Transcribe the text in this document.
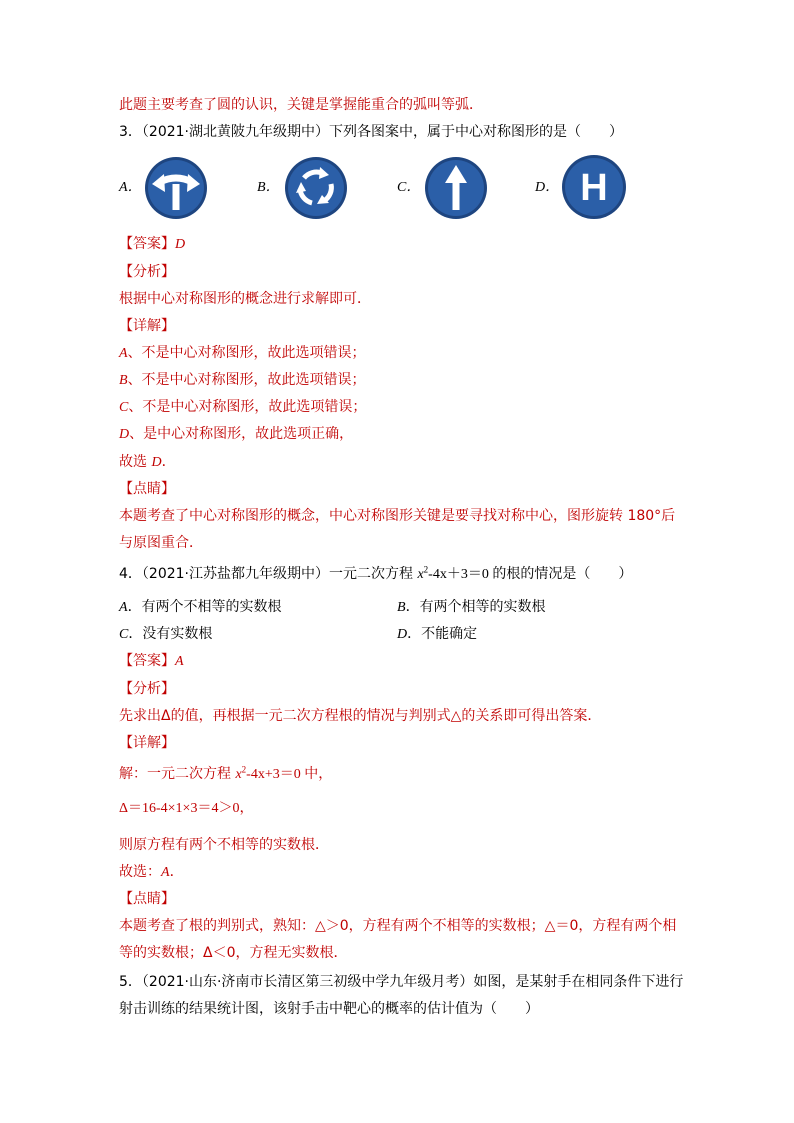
此题主要考查了圆的认识，关键是掌握能重合的弧叫等弧．
3．（2021·湖北黄陂九年级期中）下列各图案中，属于中心对称图形的是（　　）
A．	B．	C．	D． H
【答案】D
【分析】
根据中心对称图形的概念进行求解即可．
【详解】
A、不是中心对称图形，故此选项错误；
B、不是中心对称图形，故此选项错误；
C、不是中心对称图形，故此选项错误；
D、是中心对称图形，故此选项正确，
故选 D．
【点睛】
本题考查了中心对称图形的概念，中心对称图形关键是要寻找对称中心，图形旋转 180°后
与原图重合．
4．（2021·江苏盐都九年级期中）一元二次方程 $x^2-4x+3=0$ 的根的情况是（　　）
A．有两个不相等的实数根	B．有两个相等的实数根
C．没有实数根	D．不能确定
【答案】A
【分析】
先求出Δ的值，再根据一元二次方程根的情况与判别式△的关系即可得出答案．
【详解】
解：一元二次方程 $x^2-4x+3=0$ 中，
Δ＝16-4×1×3＝4＞0，
则原方程有两个不相等的实数根．
故选：A．
【点睛】
本题考查了根的判别式，熟知：△＞0，方程有两个不相等的实数根；△＝0，方程有两个相
等的实数根；Δ＜0，方程无实数根．
5．（2021·山东·济南市长清区第三初级中学九年级月考）如图，是某射手在相同条件下进行
射击训练的结果统计图，该射手击中靶心的概率的估计值为（　　）
